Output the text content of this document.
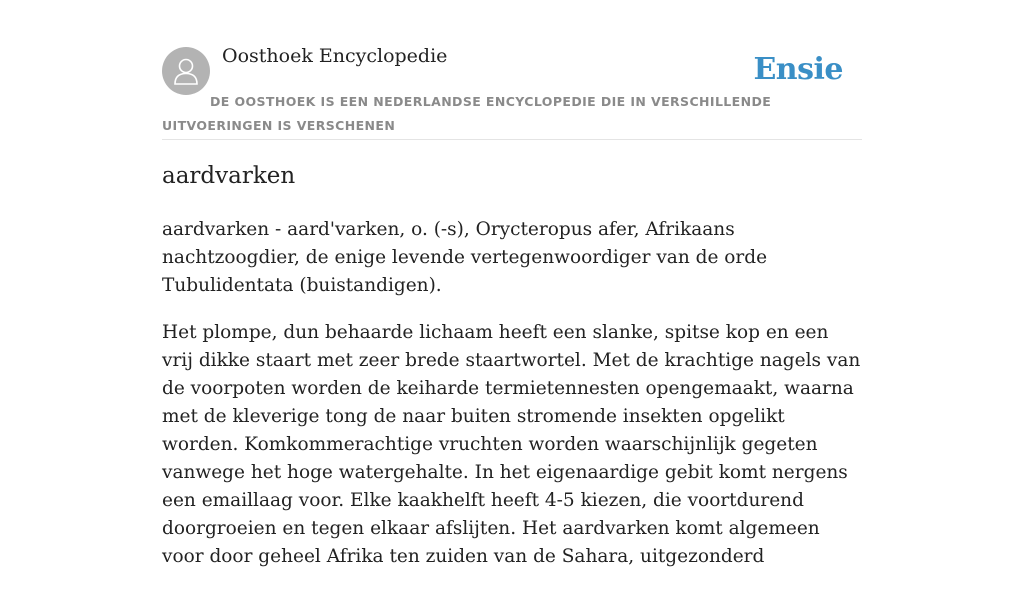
Oosthoek Encyclopedie	Ensie
DE OOSTHOEK IS EEN NEDERLANDSE ENCYCLOPEDIE DIE IN VERSCHILLENDE UITVOERINGEN IS VERSCHENEN
aardvarken

aardvarken - aard'varken, o. (-s), Orycteropus afer, Afrikaans nachtzoogdier, de enige levende vertegenwoordiger van de orde Tubulidentata (buistandigen).

Het plompe, dun behaarde lichaam heeft een slanke, spitse kop en een vrij dikke staart met zeer brede staartwortel. Met de krachtige nagels van de voorpoten worden de keiharde termietennesten opengemaakt, waarna met de kleverige tong de naar buiten stromende insekten opgelikt worden. Komkommerachtige vruchten worden waarschijnlijk gegeten vanwege het hoge watergehalte. In het eigenaardige gebit komt nergens een emaillaag voor. Elke kaakhelft heeft 4-5 kiezen, die voortdurend doorgroeien en tegen elkaar afslijten. Het aardvarken komt algemeen voor door geheel Afrika ten zuiden van de Sahara, uitgezonderd
